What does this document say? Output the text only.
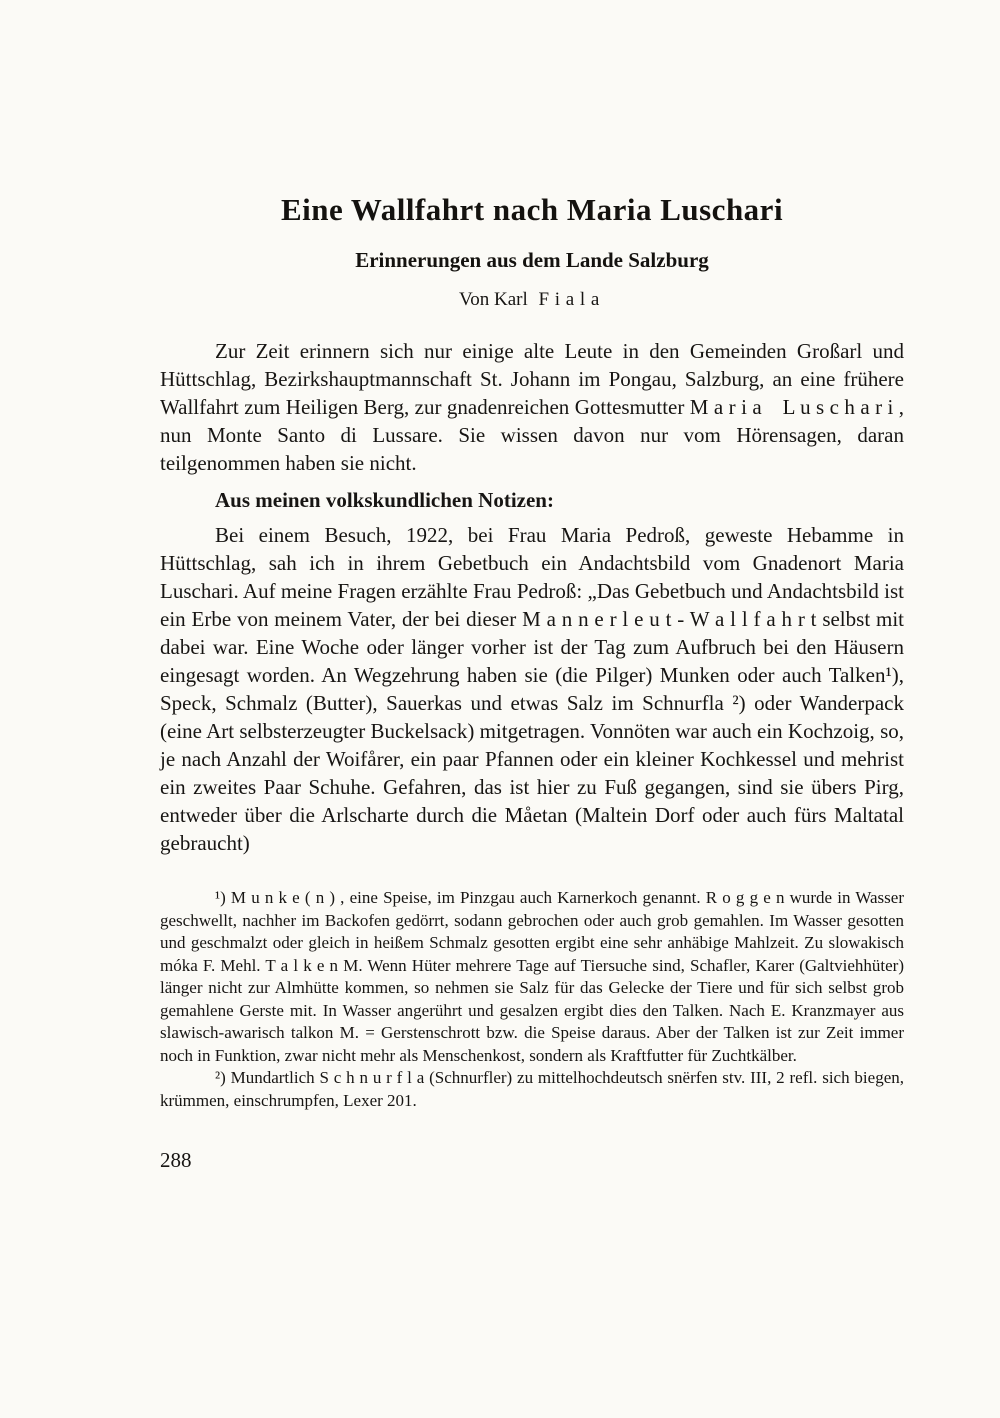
Eine Wallfahrt nach Maria Luschari
Erinnerungen aus dem Lande Salzburg

Von Karl Fiala

Zur Zeit erinnern sich nur einige alte Leute in den Gemeinden Großarl und Hüttschlag, Bezirkshauptmannschaft St. Johann im Pongau, Salzburg, an eine frühere Wallfahrt zum Heiligen Berg, zur gnadenreichen Gottesmutter M a r i a L u s c h a r i , nun Monte Santo di Lussare. Sie wissen davon nur vom Hörensagen, daran teilgenommen haben sie nicht.

Aus meinen volkskundlichen Notizen:

Bei einem Besuch, 1922, bei Frau Maria Pedroß, geweste Hebamme in Hüttschlag, sah ich in ihrem Gebetbuch ein Andachtsbild vom Gnadenort Maria Luschari. Auf meine Fragen erzählte Frau Pedroß: „Das Gebetbuch und Andachtsbild ist ein Erbe von meinem Vater, der bei dieser M a n n e r l e u t - W a l l f a h r t selbst mit dabei war. Eine Woche oder länger vorher ist der Tag zum Aufbruch bei den Häusern eingesagt worden. An Wegzehrung haben sie (die Pilger) Munken oder auch Talken¹), Speck, Schmalz (Butter), Sauerkas und etwas Salz im Schnurfla ²) oder Wanderpack (eine Art selbsterzeugter Buckelsack) mitgetragen. Vonnöten war auch ein Kochzoig, so, je nach Anzahl der Woifårer, ein paar Pfannen oder ein kleiner Kochkessel und mehrist ein zweites Paar Schuhe. Gefahren, das ist hier zu Fuß gegangen, sind sie übers Pirg, entweder über die Arlscharte durch die Måetan (Maltein Dorf oder auch fürs Maltatal gebraucht)

¹) M u n k e ( n ) , eine Speise, im Pinzgau auch Karnerkoch genannt. R o g g e n wurde in Wasser geschwellt, nachher im Backofen gedörrt, sodann gebrochen oder auch grob gemahlen. Im Wasser gesotten und geschmalzt oder gleich in heißem Schmalz gesotten ergibt eine sehr anhäbige Mahlzeit. Zu slowakisch móka F. Mehl. T a l k e n M. Wenn Hüter mehrere Tage auf Tiersuche sind, Schafler, Karer (Galtviehhüter) länger nicht zur Almhütte kommen, so nehmen sie Salz für das Gelecke der Tiere und für sich selbst grob gemahlene Gerste mit. In Wasser angerührt und gesalzen ergibt dies den Talken. Nach E. Kranzmayer aus slawisch-awarisch talkon M. = Gerstenschrott bzw. die Speise daraus. Aber der Talken ist zur Zeit immer noch in Funktion, zwar nicht mehr als Menschenkost, sondern als Kraftfutter für Zuchtkälber.

²) Mundartlich S c h n u r f l a (Schnurfler) zu mittelhochdeutsch snërfen stv. III, 2 refl. sich biegen, krümmen, einschrumpfen, Lexer 201.

288
